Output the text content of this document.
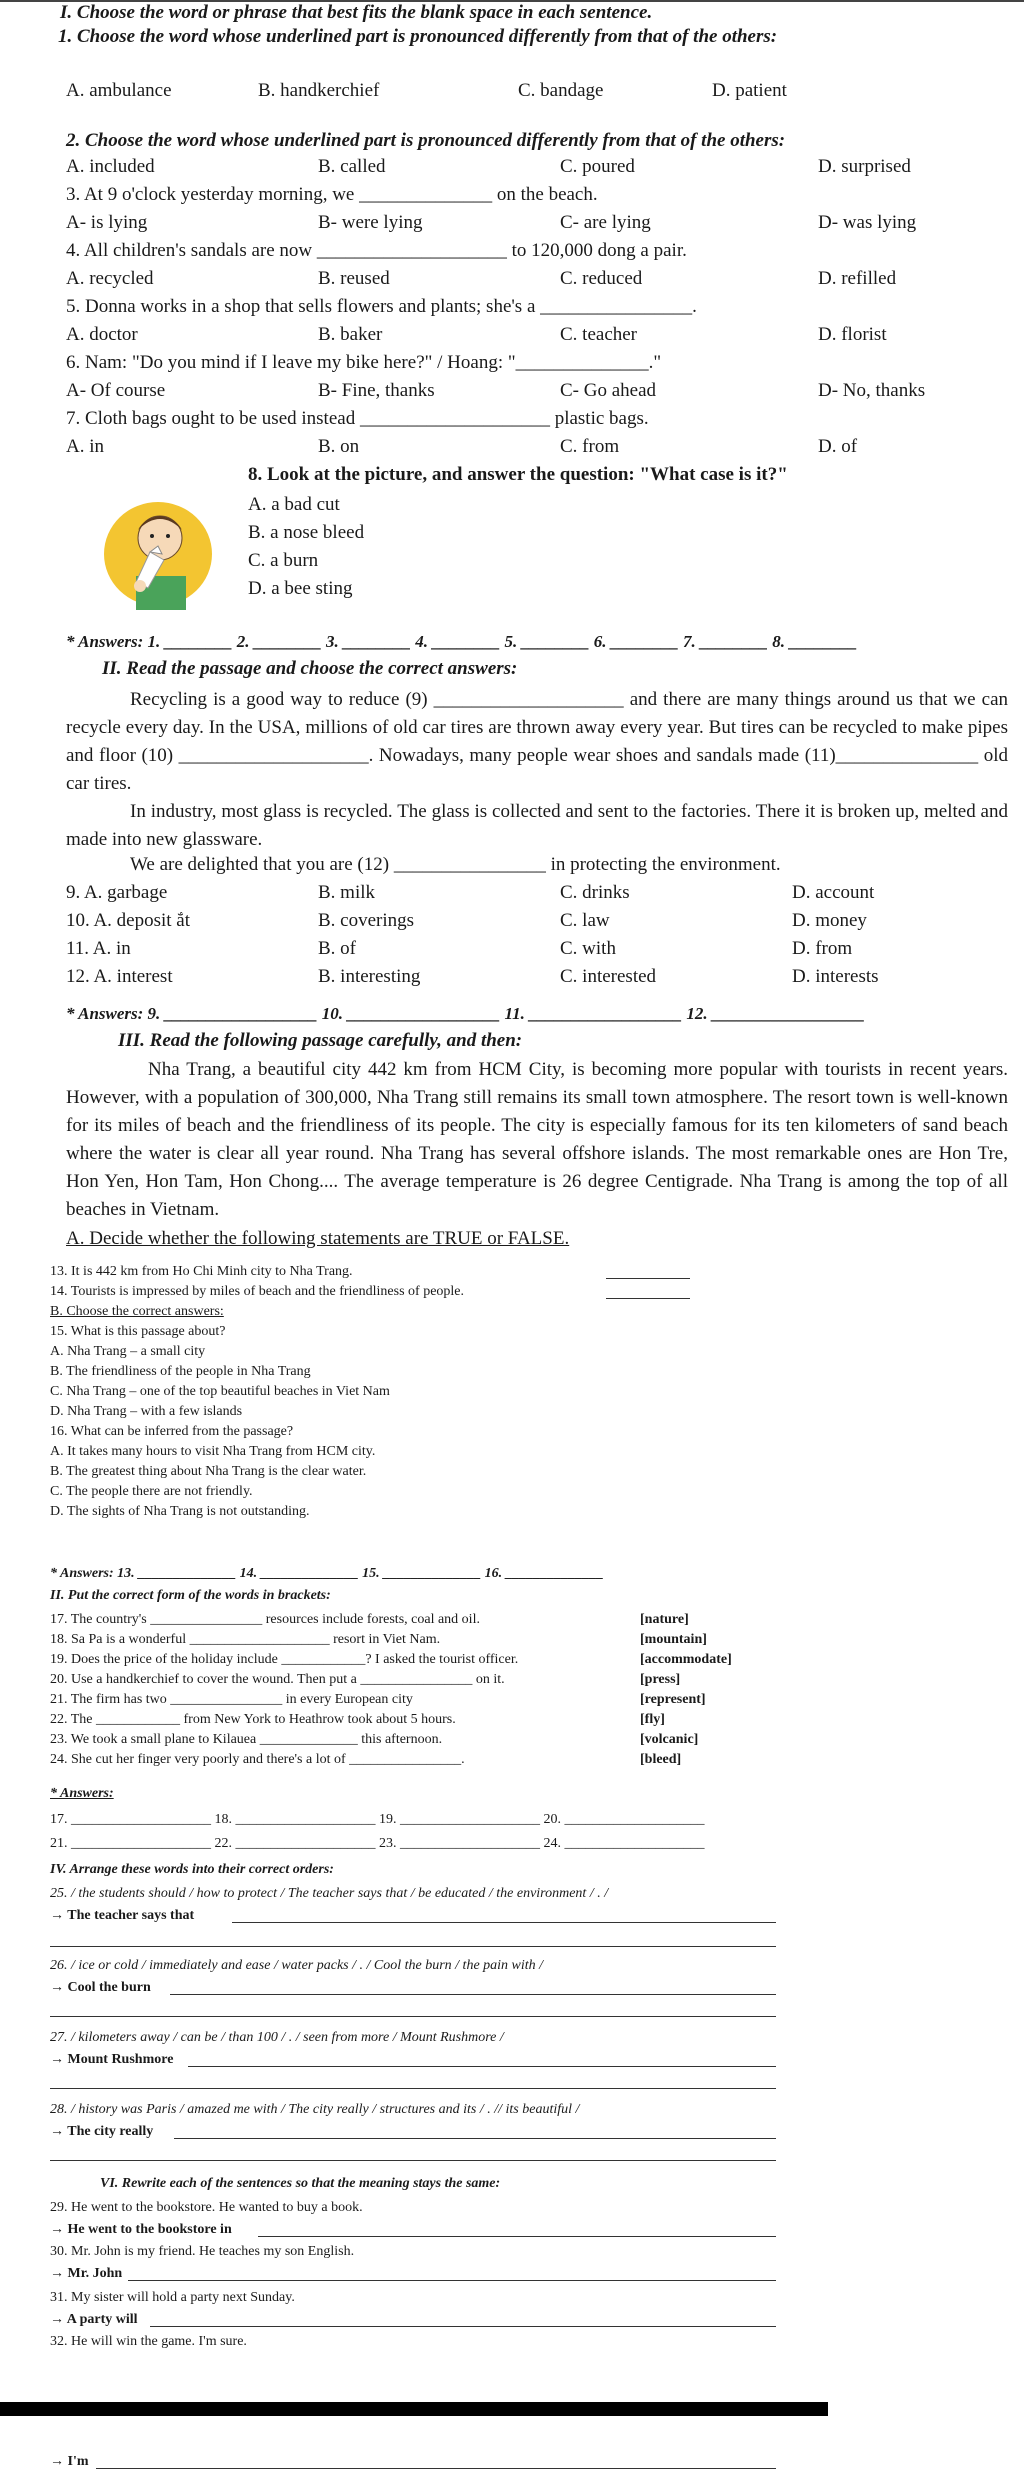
I. Choose the word or phrase that best fits the blank space in each sentence.
1. Choose the word whose underlined part is pronounced differently from that of the others:
A. ambulance	B. handkerchief	C. bandage	D. patient
2. Choose the word whose underlined part is pronounced differently from that of the others:
A. included	B. called	C. poured	D. surprised
3. At 9 o'clock yesterday morning, we ______________ on the beach.
A- is lying	B- were lying	C- are lying	D- was lying
4. All children's sandals are now ____________________ to 120,000 dong a pair.
A. recycled	B. reused	C. reduced	D. refilled
5. Donna works in a shop that sells flowers and plants; she's a ________________.
A. doctor	B. baker	C. teacher	D. florist
6. Nam: "Do you mind if I leave my bike here?" / Hoang: "______________."
A- Of course	B- Fine, thanks	C- Go ahead	D- No, thanks
7. Cloth bags ought to be used instead ____________________ plastic bags.
A. in	B. on	C. from	D. of
8. Look at the picture, and answer the question: "What case is it?"
A. a bad cut
B. a nose bleed
C. a burn
D. a bee sting
* Answers: 1. ________ 2. ________ 3. ________ 4. ________ 5. ________ 6. ________ 7. ________ 8. ________
II. Read the passage and choose the correct answers:
Recycling is a good way to reduce (9) ____________________ and there are many things around us that we can recycle every day. In the USA, millions of old car tires are thrown away every year. But tires can be recycled to make pipes and floor (10) ____________________. Nowadays, many people wear shoes and sandals made (11)_______________ old car tires.
In industry, most glass is recycled. The glass is collected and sent to the factories. There it is broken up, melted and made into new glassware.
We are delighted that you are (12) ________________ in protecting the environment.
9. A. garbage	B. milk	C. drinks	D. account
10. A. deposit ắt	B. coverings	C. law	D. money
11. A. in	B. of	C. with	D. from
12. A. interest	B. interesting	C. interested	D. interests
* Answers: 9. __________________ 10. __________________ 11. __________________ 12. __________________
III. Read the following passage carefully, and then:
Nha Trang, a beautiful city 442 km from HCM City, is becoming more popular with tourists in recent years. However, with a population of 300,000, Nha Trang still remains its small town atmosphere. The resort town is well-known for its miles of beach and the friendliness of its people. The city is especially famous for its ten kilometers of sand beach where the water is clear all year round. Nha Trang has several offshore islands. The most remarkable ones are Hon Tre, Hon Yen, Hon Tam, Hon Chong.... The average temperature is 26 degree Centigrade. Nha Trang is among the top of all beaches in Vietnam.
A. Decide whether the following statements are TRUE or FALSE.
13. It is 442 km from Ho Chi Minh city to Nha Trang.
14. Tourists is impressed by miles of beach and the friendliness of people.
B. Choose the correct answers:
15. What is this passage about?
A. Nha Trang – a small city
B. The friendliness of the people in Nha Trang
C. Nha Trang – one of the top beautiful beaches in Viet Nam
D. Nha Trang – with a few islands
16. What can be inferred from the passage?
A. It takes many hours to visit Nha Trang from HCM city.
B. The greatest thing about Nha Trang is the clear water.
C. The people there are not friendly.
D. The sights of Nha Trang is not outstanding.
* Answers: 13. ______________ 14. ______________ 15. ______________ 16. ______________
II. Put the correct form of the words in brackets:
17. The country's ________________ resources include forests, coal and oil.	[nature]
18. Sa Pa is a wonderful ____________________ resort in Viet Nam.	[mountain]
19. Does the price of the holiday include ____________? I asked the tourist officer.	[accommodate]
20. Use a handkerchief to cover the wound. Then put a ________________ on it.	[press]
21. The firm has two ________________ in every European city	[represent]
22. The ____________ from New York to Heathrow took about 5 hours.	[fly]
23. We took a small plane to Kilauea ______________ this afternoon.	[volcanic]
24. She cut her finger very poorly and there's a lot of ________________.	[bleed]
* Answers:
17. ____________________ 18. ____________________ 19. ____________________ 20. ____________________
21. ____________________ 22. ____________________ 23. ____________________ 24. ____________________
IV. Arrange these words into their correct orders:
25. / the students should / how to protect / The teacher says that / be educated / the environment / . /
→ The teacher says that
26. / ice or cold / immediately and ease / water packs / . / Cool the burn / the pain with /
→ Cool the burn
27. / kilometers away / can be / than 100 / . / seen from more / Mount Rushmore /
→ Mount Rushmore
28. / history was Paris / amazed me with / The city really / structures and its / . // its beautiful /
→ The city really
VI. Rewrite each of the sentences so that the meaning stays the same:
29. He went to the bookstore. He wanted to buy a book.
→ He went to the bookstore in
30. Mr. John is my friend. He teaches my son English.
→ Mr. John
31. My sister will hold a party next Sunday.
→ A party will
32. He will win the game. I'm sure.
→ I'm
